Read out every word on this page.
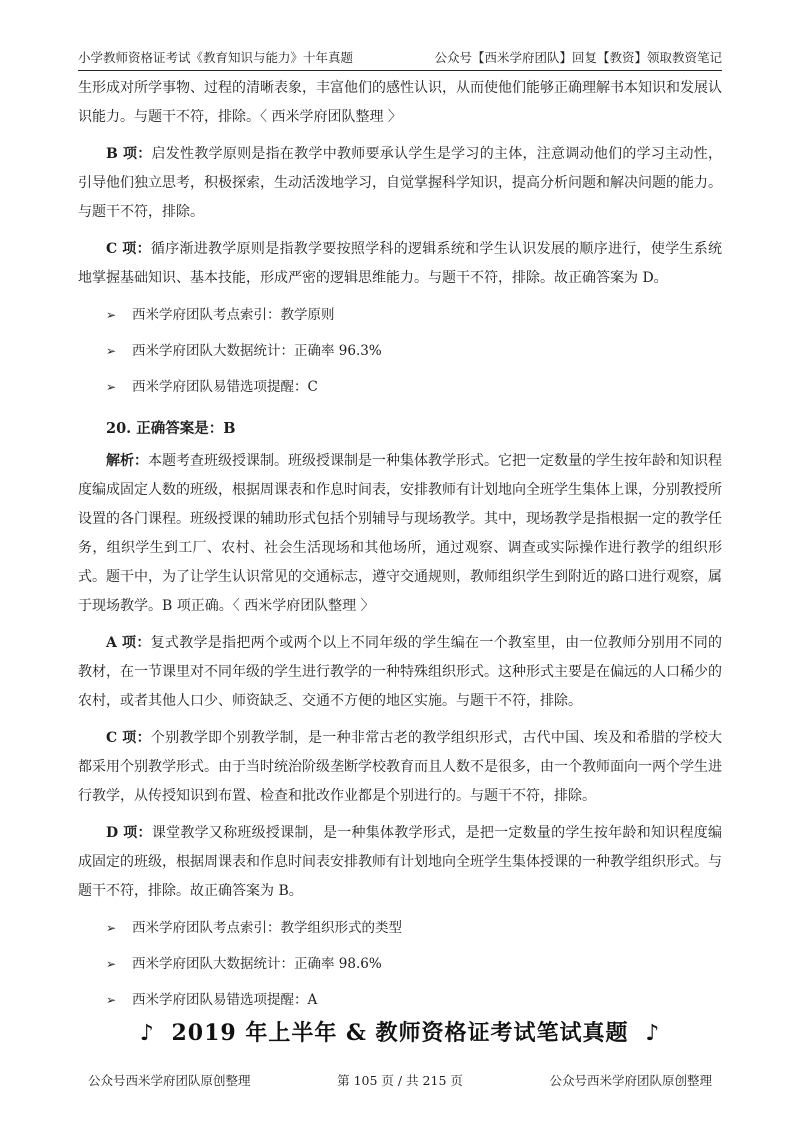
小学教师资格证考试《教育知识与能力》十年真题	公众号【西米学府团队】回复【教资】领取教资笔记

生形成对所学事物、过程的清晰表象，丰富他们的感性认识，从而使他们能够正确理解书本知识和发展认识能力。与题干不符，排除。〈 西米学府团队整理 〉

B 项：启发性教学原则是指在教学中教师要承认学生是学习的主体，注意调动他们的学习主动性，引导他们独立思考，积极探索，生动活泼地学习，自觉掌握科学知识，提高分析问题和解决问题的能力。与题干不符，排除。

C 项：循序渐进教学原则是指教学要按照学科的逻辑系统和学生认识发展的顺序进行，使学生系统地掌握基础知识、基本技能，形成严密的逻辑思维能力。与题干不符，排除。故正确答案为 D。

➢	西米学府团队考点索引：教学原则
➢	西米学府团队大数据统计：正确率 96.3%
➢	西米学府团队易错选项提醒：C

20. 正确答案是：B

解析：本题考查班级授课制。班级授课制是一种集体教学形式。它把一定数量的学生按年龄和知识程度编成固定人数的班级，根据周课表和作息时间表，安排教师有计划地向全班学生集体上课，分别教授所设置的各门课程。班级授课的辅助形式包括个别辅导与现场教学。其中，现场教学是指根据一定的教学任务，组织学生到工厂、农村、社会生活现场和其他场所，通过观察、调查或实际操作进行教学的组织形式。题干中，为了让学生认识常见的交通标志，遵守交通规则，教师组织学生到附近的路口进行观察，属于现场教学。B 项正确。〈 西米学府团队整理 〉

A 项：复式教学是指把两个或两个以上不同年级的学生编在一个教室里，由一位教师分别用不同的教材，在一节课里对不同年级的学生进行教学的一种特殊组织形式。这种形式主要是在偏远的人口稀少的农村，或者其他人口少、师资缺乏、交通不方便的地区实施。与题干不符，排除。

C 项：个别教学即个别教学制，是一种非常古老的教学组织形式，古代中国、埃及和希腊的学校大都采用个别教学形式。由于当时统治阶级垄断学校教育而且人数不是很多，由一个教师面向一两个学生进行教学，从传授知识到布置、检查和批改作业都是个别进行的。与题干不符，排除。

D 项：课堂教学又称班级授课制，是一种集体教学形式，是把一定数量的学生按年龄和知识程度编成固定的班级，根据周课表和作息时间表安排教师有计划地向全班学生集体授课的一种教学组织形式。与题干不符，排除。故正确答案为 B。

➢	西米学府团队考点索引：教学组织形式的类型
➢	西米学府团队大数据统计：正确率 98.6%
➢	西米学府团队易错选项提醒：A
♪ 2019 年上半年 & 教师资格证考试笔试真题 ♪
公众号西米学府团队原创整理	第 105 页 / 共 215 页	公众号西米学府团队原创整理
